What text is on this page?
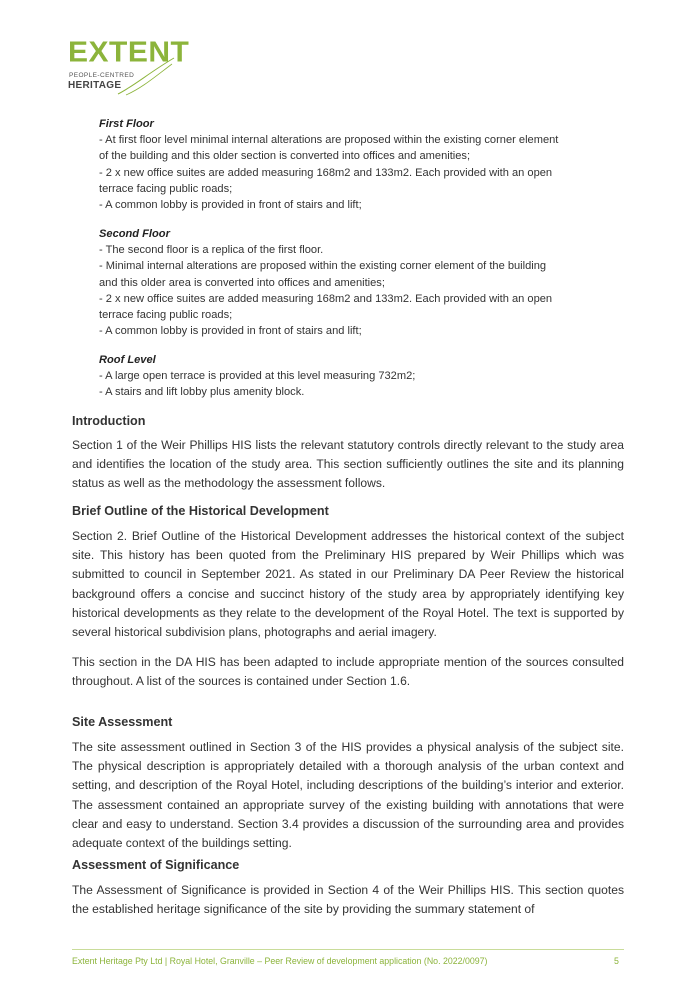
EXTENT
PEOPLE-CENTRED
HERITAGE

First Floor

- At first floor level minimal internal alterations are proposed within the existing corner element

of the building and this older section is converted into offices and amenities;

- 2 x new office suites are added measuring 168m2 and 133m2. Each provided with an open

terrace facing public roads;

- A common lobby is provided in front of stairs and lift;

Second Floor

- The second floor is a replica of the first floor.

- Minimal internal alterations are proposed within the existing corner element of the building

and this older area is converted into offices and amenities;

- 2 x new office suites are added measuring 168m2 and 133m2. Each provided with an open

terrace facing public roads;

- A common lobby is provided in front of stairs and lift;

Roof Level

- A large open terrace is provided at this level measuring 732m2;

- A stairs and lift lobby plus amenity block.

Introduction
Section 1 of the Weir Phillips HIS lists the relevant statutory controls directly relevant to the study area and identifies the location of the study area. This section sufficiently outlines the site and its planning status as well as the methodology the assessment follows.
Brief Outline of the Historical Development
Section 2. Brief Outline of the Historical Development addresses the historical context of the subject site. This history has been quoted from the Preliminary HIS prepared by Weir Phillips which was submitted to council in September 2021. As stated in our Preliminary DA Peer Review the historical background offers a concise and succinct history of the study area by appropriately identifying key historical developments as they relate to the development of the Royal Hotel. The text is supported by several historical subdivision plans, photographs and aerial imagery.
This section in the DA HIS has been adapted to include appropriate mention of the sources consulted throughout. A list of the sources is contained under Section 1.6.
Site Assessment
The site assessment outlined in Section 3 of the HIS provides a physical analysis of the subject site. The physical description is appropriately detailed with a thorough analysis of the urban context and setting, and description of the Royal Hotel, including descriptions of the building’s interior and exterior. The assessment contained an appropriate survey of the existing building with annotations that were clear and easy to understand. Section 3.4 provides a discussion of the surrounding area and provides adequate context of the buildings setting.
Assessment of Significance
The Assessment of Significance is provided in Section 4 of the Weir Phillips HIS. This section quotes the established heritage significance of the site by providing the summary statement of
Extent Heritage Pty Ltd | Royal Hotel, Granville – Peer Review of development application (No. 2022/0097)	5
